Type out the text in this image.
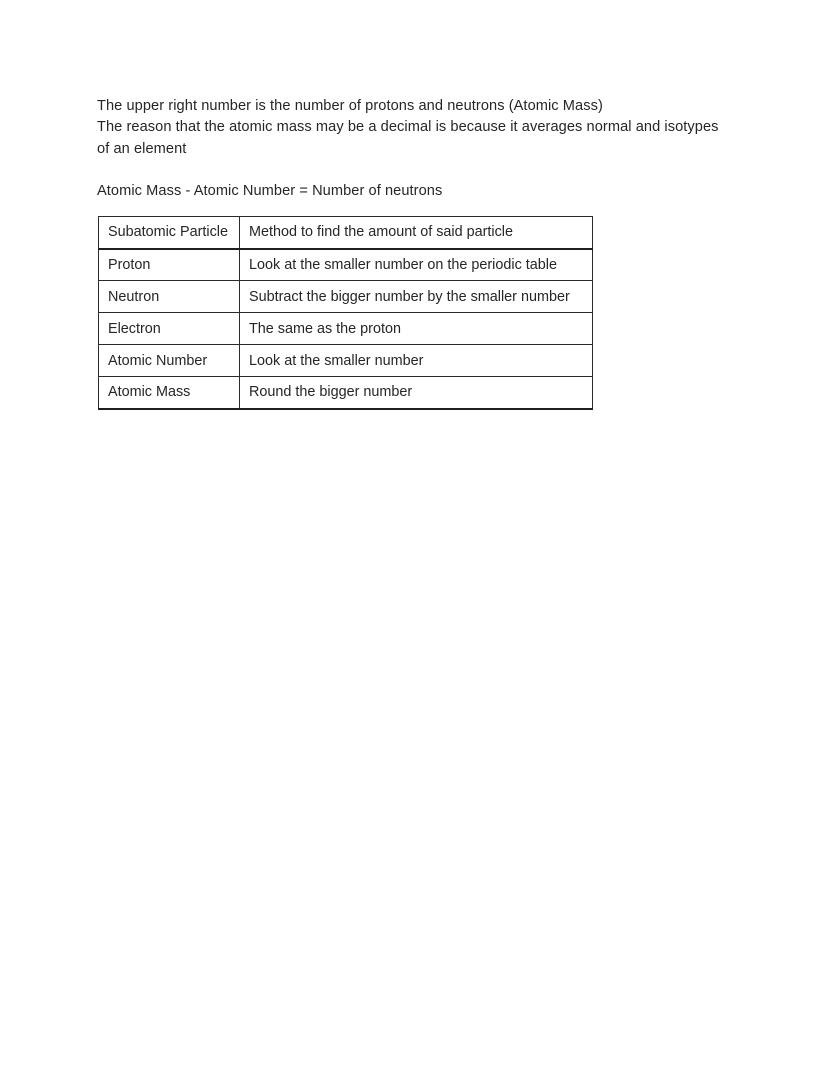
The upper right number is the number of protons and neutrons (Atomic Mass)

The reason that the atomic mass may be a decimal is because it averages normal and isotypes of an element

Atomic Mass - Atomic Number = Number of neutrons

Subatomic Particle	Method to find the amount of said particle
Proton	Look at the smaller number on the periodic table
Neutron	Subtract the bigger number by the smaller number
Electron	The same as the proton
Atomic Number	Look at the smaller number
Atomic Mass	Round the bigger number
